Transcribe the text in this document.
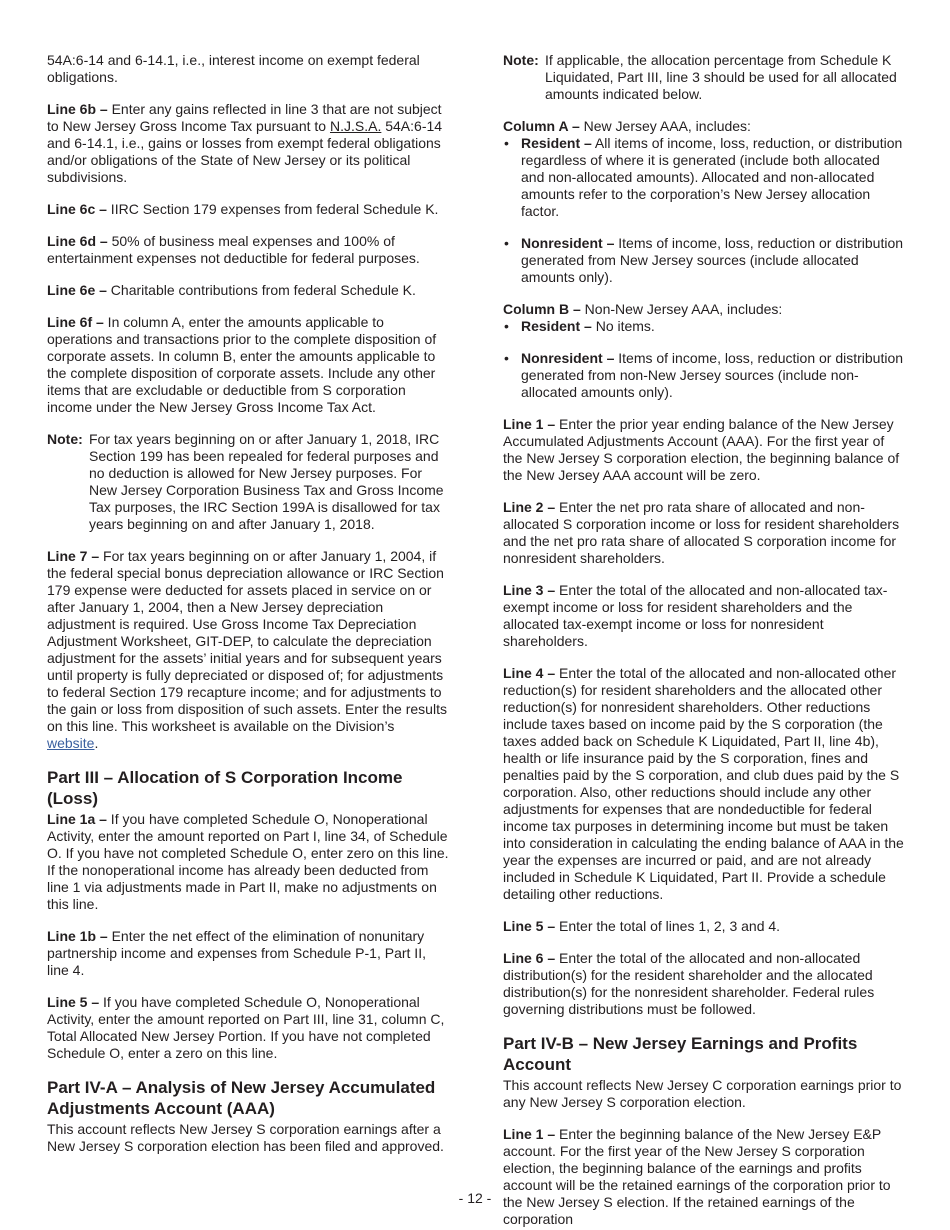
54A:6-14 and 6-14.1, i.e., interest income on exempt federal obligations.

Line 6b – Enter any gains reflected in line 3 that are not subject to New Jersey Gross Income Tax pursuant to N.J.S.A. 54A:6-14 and 6-14.1, i.e., gains or losses from exempt federal obligations and/or obligations of the State of New Jersey or its political subdivisions.

Line 6c – IIRC Section 179 expenses from federal Schedule K.

Line 6d – 50% of business meal expenses and 100% of entertainment expenses not deductible for federal purposes.

Line 6e – Charitable contributions from federal Schedule K.

Line 6f – In column A, enter the amounts applicable to operations and transactions prior to the complete disposition of corporate assets. In column B, enter the amounts applicable to the complete disposition of corporate assets. Include any other items that are excludable or deductible from S corporation income under the New Jersey Gross Income Tax Act.

Note: For tax years beginning on or after January 1, 2018, IRC Section 199 has been repealed for federal purposes and no deduction is allowed for New Jersey purposes. For New Jersey Corporation Business Tax and Gross Income Tax purposes, the IRC Section 199A is disallowed for tax years beginning on and after January 1, 2018.

Line 7 – For tax years beginning on or after January 1, 2004, if the federal special bonus depreciation allowance or IRC Section 179 expense were deducted for assets placed in service on or after January 1, 2004, then a New Jersey depreciation adjustment is required. Use Gross Income Tax Depreciation Adjustment Worksheet, GIT-DEP, to calculate the depreciation adjustment for the assets’ initial years and for subsequent years until property is fully depreciated or disposed of; for adjustments to federal Section 179 recapture income; and for adjustments to the gain or loss from disposition of such assets. Enter the results on this line. This worksheet is available on the Division’s website.

Part III – Allocation of S Corporation Income (Loss)

Line 1a – If you have completed Schedule O, Nonoperational Activity, enter the amount reported on Part I, line 34, of Schedule O. If you have not completed Schedule O, enter zero on this line. If the nonoperational income has already been deducted from line 1 via adjustments made in Part II, make no adjustments on this line.

Line 1b – Enter the net effect of the elimination of nonunitary partnership income and expenses from Schedule P-1, Part II, line 4.

Line 5 – If you have completed Schedule O, Nonoperational Activity, enter the amount reported on Part III, line 31, column C, Total Allocated New Jersey Portion. If you have not completed Schedule O, enter a zero on this line.

Part IV-A – Analysis of New Jersey Accumulated Adjustments Account (AAA)

This account reflects New Jersey S corporation earnings after a New Jersey S corporation election has been filed and approved.

Note: If applicable, the allocation percentage from Schedule K Liquidated, Part III, line 3 should be used for all allocated amounts indicated below.

Column A – New Jersey AAA, includes:

• Resident – All items of income, loss, reduction, or distribution regardless of where it is generated (include both allocated and non-allocated amounts). Allocated and non-allocated amounts refer to the corporation’s New Jersey allocation factor.
• Nonresident – Items of income, loss, reduction or distribution generated from New Jersey sources (include allocated amounts only).

Column B – Non-New Jersey AAA, includes:

• Resident – No items.
• Nonresident – Items of income, loss, reduction or distribution generated from non-New Jersey sources (include non-allocated amounts only).

Line 1 – Enter the prior year ending balance of the New Jersey Accumulated Adjustments Account (AAA). For the first year of the New Jersey S corporation election, the beginning balance of the New Jersey AAA account will be zero.

Line 2 – Enter the net pro rata share of allocated and non-allocated S corporation income or loss for resident shareholders and the net pro rata share of allocated S corporation income for nonresident shareholders.

Line 3 – Enter the total of the allocated and non-allocated tax-exempt income or loss for resident shareholders and the allocated tax-exempt income or loss for nonresident shareholders.

Line 4 – Enter the total of the allocated and non-allocated other reduction(s) for resident shareholders and the allocated other reduction(s) for nonresident shareholders. Other reductions include taxes based on income paid by the S corporation (the taxes added back on Schedule K Liquidated, Part II, line 4b), health or life insurance paid by the S corporation, fines and penalties paid by the S corporation, and club dues paid by the S corporation. Also, other reductions should include any other adjustments for expenses that are nondeductible for federal income tax purposes in determining income but must be taken into consideration in calculating the ending balance of AAA in the year the expenses are incurred or paid, and are not already included in Schedule K Liquidated, Part II. Provide a schedule detailing other reductions.

Line 5 – Enter the total of lines 1, 2, 3 and 4.

Line 6 – Enter the total of the allocated and non-allocated distribution(s) for the resident shareholder and the allocated distribution(s) for the nonresident shareholder. Federal rules governing distributions must be followed.

Part IV-B – New Jersey Earnings and Profits Account

This account reflects New Jersey C corporation earnings prior to any New Jersey S corporation election.

Line 1 – Enter the beginning balance of the New Jersey E&P account. For the first year of the New Jersey S corporation election, the beginning balance of the earnings and profits account will be the retained earnings of the corporation prior to the New Jersey S election. If the retained earnings of the corporation

- 12 -
